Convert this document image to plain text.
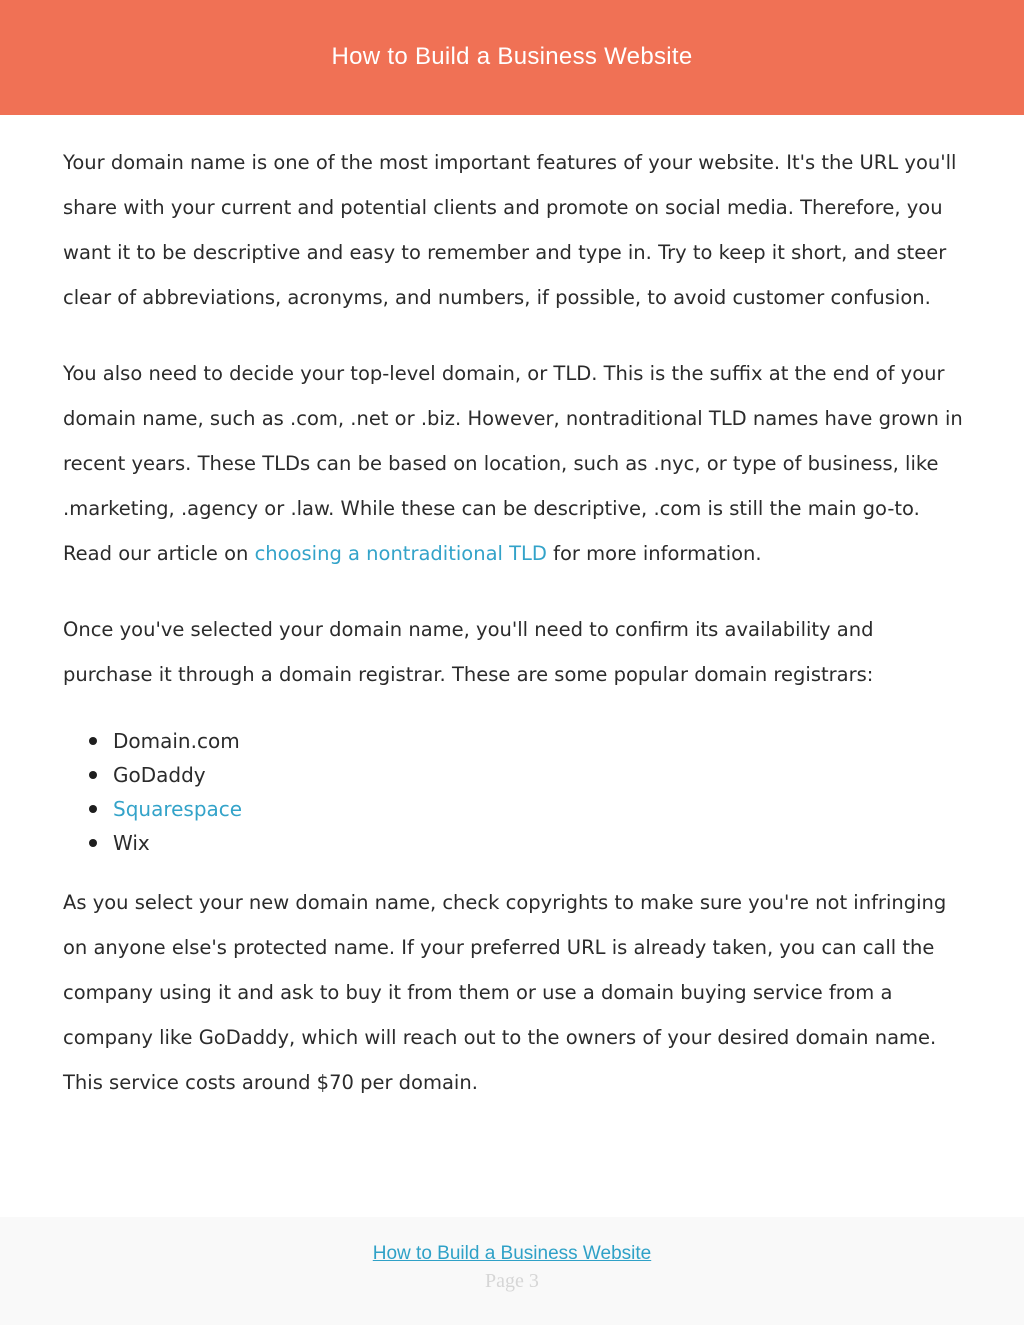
How to Build a Business Website

Your domain name is one of the most important features of your website. It's the URL you'll share with your current and potential clients and promote on social media. Therefore, you want it to be descriptive and easy to remember and type in. Try to keep it short, and steer clear of abbreviations, acronyms, and numbers, if possible, to avoid customer confusion.

You also need to decide your top-level domain, or TLD. This is the suffix at the end of your domain name, such as .com, .net or .biz. However, nontraditional TLD names have grown in recent years. These TLDs can be based on location, such as .nyc, or type of business, like .marketing, .agency or .law. While these can be descriptive, .com is still the main go-to. Read our article on choosing a nontraditional TLD for more information.

Once you've selected your domain name, you'll need to confirm its availability and purchase it through a domain registrar. These are some popular domain registrars:

Domain.com
GoDaddy
Squarespace
Wix

As you select your new domain name, check copyrights to make sure you're not infringing on anyone else's protected name. If your preferred URL is already taken, you can call the company using it and ask to buy it from them or use a domain buying service from a company like GoDaddy, which will reach out to the owners of your desired domain name. This service costs around $70 per domain.

How to Build a Business Website
Page 3
